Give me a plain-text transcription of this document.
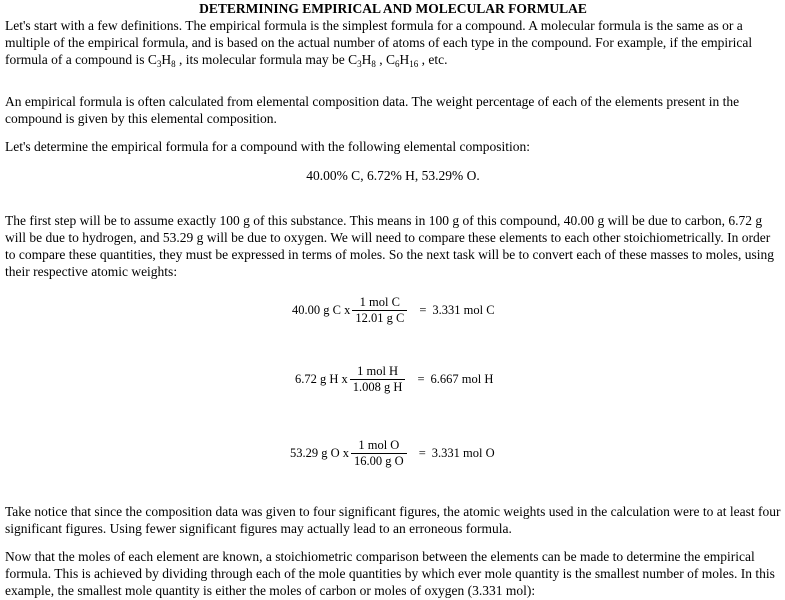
DETERMINING EMPIRICAL AND MOLECULAR FORMULAE

Let's start with a few definitions. The empirical formula is the simplest formula for a compound. A molecular formula is the same as or a multiple of the empirical formula, and is based on the actual number of atoms of each type in the compound. For example, if the empirical formula of a compound is $C_3H_8$ , its molecular formula may be $C_3H_8$ , $C_6H_{16}$ , etc.

An empirical formula is often calculated from elemental composition data. The weight percentage of each of the elements present in the compound is given by this elemental composition.

Let's determine the empirical formula for a compound with the following elemental composition:

40.00% C, 6.72% H, 53.29% O.

The first step will be to assume exactly 100 g of this substance. This means in 100 g of this compound, 40.00 g will be due to carbon, 6.72 g will be due to hydrogen, and 53.29 g will be due to oxygen. We will need to compare these elements to each other stoichiometrically. In order to compare these quantities, they must be expressed in terms of moles. So the next task will be to convert each of these masses to moles, using their respective atomic weights:

40.00 g C x $\frac{\text{1 mol C}}{\text{12.01 g C}} = 3.331$ mol C
6.72 g H x $\frac{\text{1 mol H}}{\text{1.008 g H}} = 6.667$ mol H
53.29 g O x $\frac{\text{1 mol O}}{\text{16.00 g O}} = 3.331$ mol O

Take notice that since the composition data was given to four significant figures, the atomic weights used in the calculation were to at least four significant figures. Using fewer significant figures may actually lead to an erroneous formula.

Now that the moles of each element are known, a stoichiometric comparison between the elements can be made to determine the empirical formula. This is achieved by dividing through each of the mole quantities by which ever mole quantity is the smallest number of moles. In this example, the smallest mole quantity is either the moles of carbon or moles of oxygen (3.331 mol):
